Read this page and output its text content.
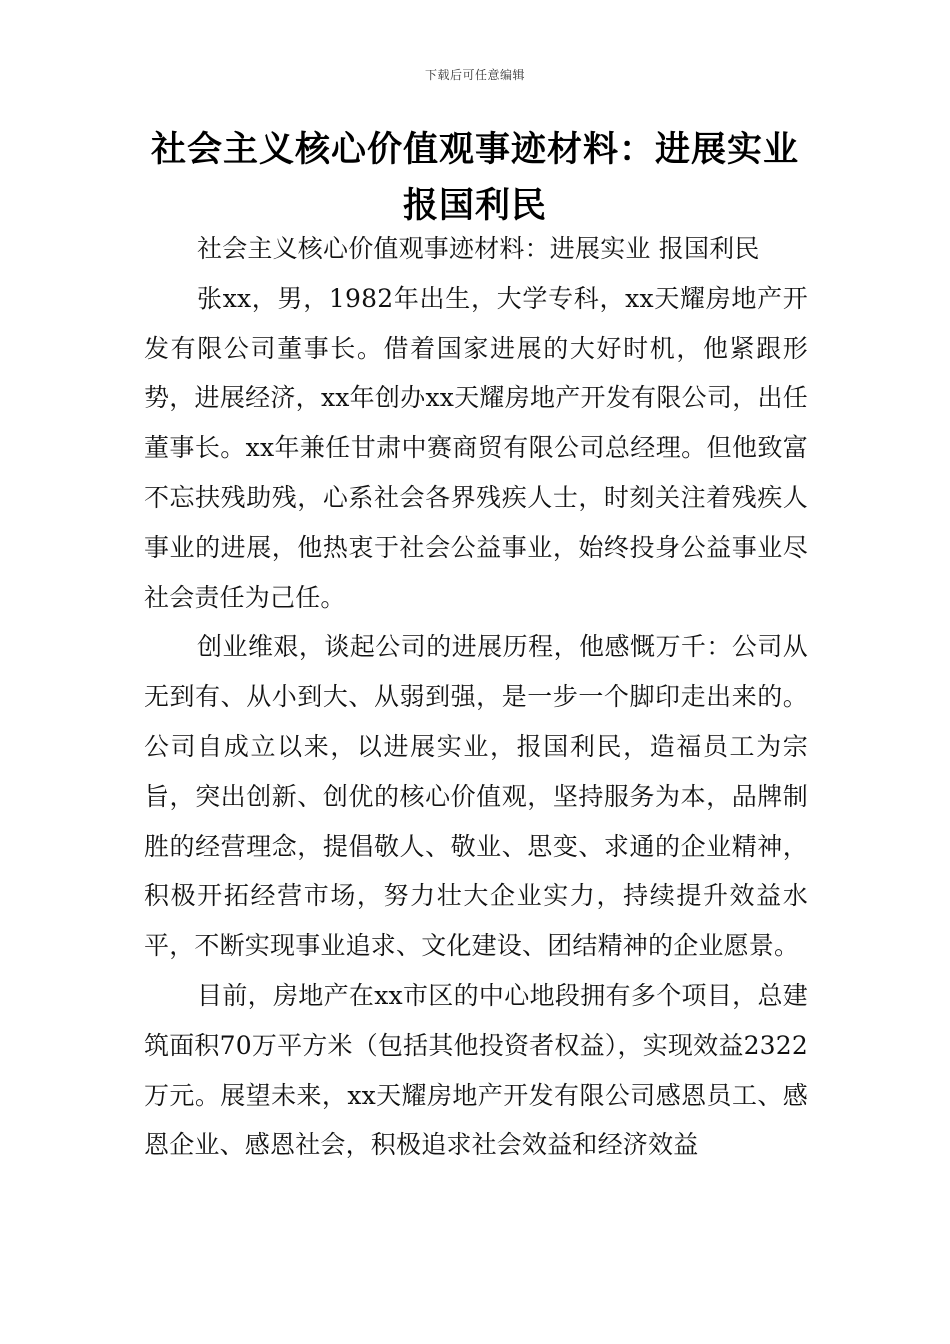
下载后可任意编辑
社会主义核心价值观事迹材料：进展实业报国利民

社会主义核心价值观事迹材料：进展实业 报国利民

张xx，男，1982年出生，大学专科，xx天耀房地产开发有限公司董事长。借着国家进展的大好时机，他紧跟形势，进展经济，xx年创办xx天耀房地产开发有限公司，出任董事长。xx年兼任甘肃中赛商贸有限公司总经理。但他致富不忘扶残助残，心系社会各界残疾人士，时刻关注着残疾人事业的进展，他热衷于社会公益事业，始终投身公益事业尽社会责任为己任。

创业维艰，谈起公司的进展历程，他感慨万千：公司从无到有、从小到大、从弱到强，是一步一个脚印走出来的。公司自成立以来，以进展实业，报国利民，造福员工为宗旨，突出创新、创优的核心价值观，坚持服务为本，品牌制胜的经营理念，提倡敬人、敬业、思变、求通的企业精神，积极开拓经营市场，努力壮大企业实力，持续提升效益水平，不断实现事业追求、文化建设、团结精神的企业愿景。

目前，房地产在xx市区的中心地段拥有多个项目，总建筑面积70万平方米（包括其他投资者权益），实现效益2322万元。展望未来，xx天耀房地产开发有限公司感恩员工、感恩企业、感恩社会，积极追求社会效益和经济效益
